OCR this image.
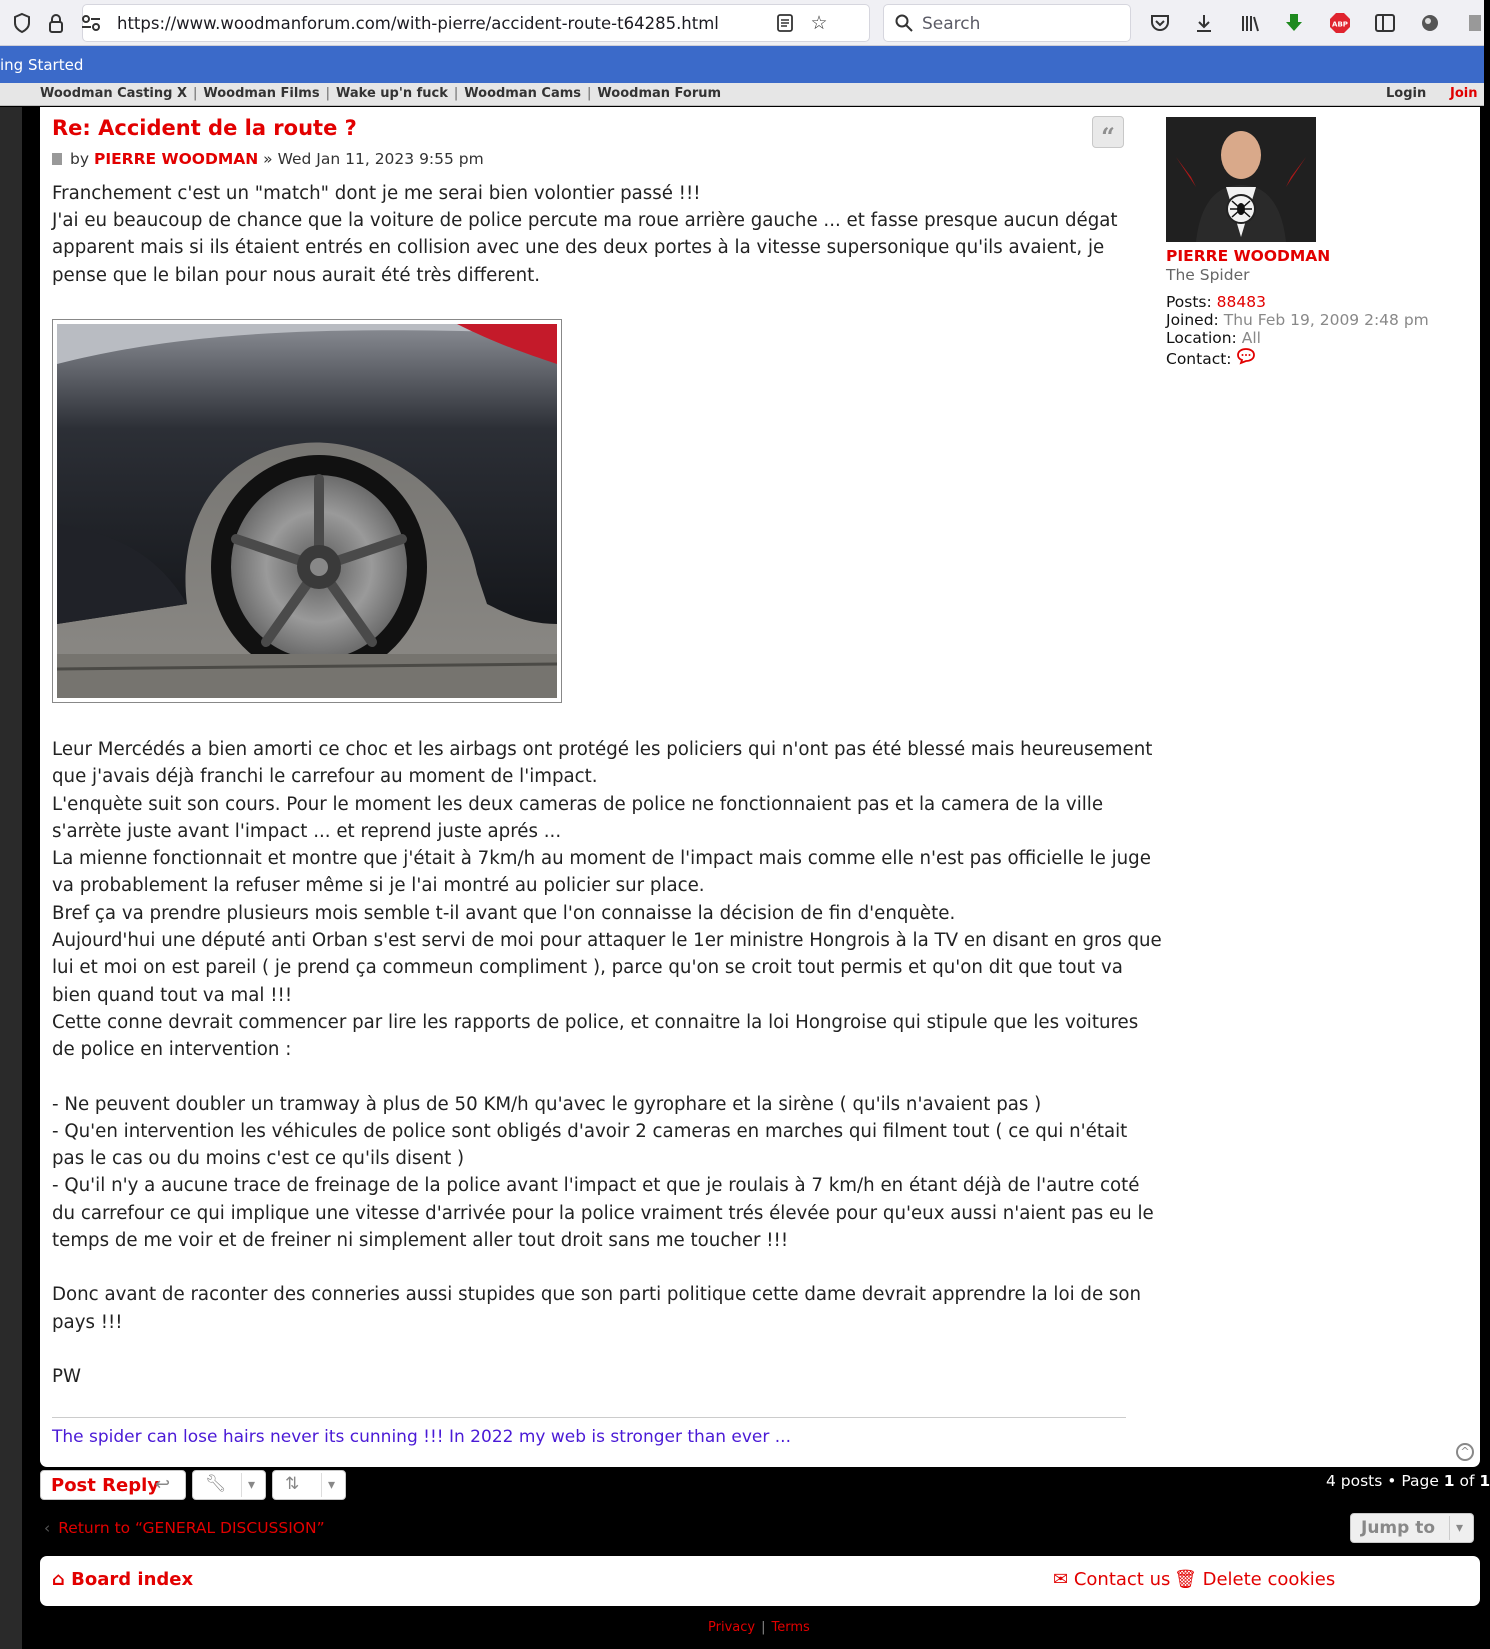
https://www.woodmanforum.com/with-pierre/accident-route-t64285.html	☆	Search	ABP
ing Started
Woodman Casting X | Woodman Films | Wake up'n fuck | Woodman Cams | Woodman Forum	Login Join
Re: Accident de la route ?	“
by PIERRE WOODMAN » Wed Jan 11, 2023 9:55 pm

Franchement c'est un "match" dont je me serai bien volontier passé !!!

J'ai eu beaucoup de chance que la voiture de police percute ma roue arrière gauche ... et fasse presque aucun dégat apparent mais si ils étaient entrés en collision avec une des deux portes à la vitesse supersonique qu'ils avaient, je pense que le bilan pour nous aurait été très different.

Leur Mercédés a bien amorti ce choc et les airbags ont protégé les policiers qui n'ont pas été blessé mais heureusement que j'avais déjà franchi le carrefour au moment de l'impact.

L'enquète suit son cours. Pour le moment les deux cameras de police ne fonctionnaient pas et la camera de la ville s'arrète juste avant l'impact ... et reprend juste aprés ...

La mienne fonctionnait et montre que j'était à 7km/h au moment de l'impact mais comme elle n'est pas officielle le juge va probablement la refuser même si je l'ai montré au policier sur place.

Bref ça va prendre plusieurs mois semble t-il avant que l'on connaisse la décision de fin d'enquète.

Aujourd'hui une député anti Orban s'est servi de moi pour attaquer le 1er ministre Hongrois à la TV en disant en gros que lui et moi on est pareil ( je prend ça commeun compliment ), parce qu'on se croit tout permis et qu'on dit que tout va bien quand tout va mal !!!

Cette conne devrait commencer par lire les rapports de police, et connaitre la loi Hongroise qui stipule que les voitures de police en intervention :

- Ne peuvent doubler un tramway à plus de 50 KM/h qu'avec le gyrophare et la sirène ( qu'ils n'avaient pas )

- Qu'en intervention les véhicules de police sont obligés d'avoir 2 cameras en marches qui filment tout ( ce qui n'était pas le cas ou du moins c'est ce qu'ils disent )

- Qu'il n'y a aucune trace de freinage de la police avant l'impact et que je roulais à 7 km/h en étant déjà de l'autre coté du carrefour ce qui implique une vitesse d'arrivée pour la police vraiment trés élevée pour qu'eux aussi n'aient pas eu le temps de me voir et de freiner ni simplement aller tout droit sans me toucher !!!

Donc avant de raconter des conneries aussi stupides que son parti politique cette dame devrait apprendre la loi de son pays !!!

PW

The spider can lose hairs never its cunning !!! In 2022 my web is stronger than ever ...
^
PIERRE WOODMAN
The Spider
Posts: 88483
Joined: Thu Feb 19, 2009 2:48 pm
Location: All
Contact:
Post Reply
↩ 🔧︎	▾ ⇅	▾	4 posts • Page 1 of 1
‹ Return to “GENERAL DISCUSSION”	Jump to	▾
⌂ Board index	✉ Contact us 🗑︎ Delete cookies
Privacy | Terms
